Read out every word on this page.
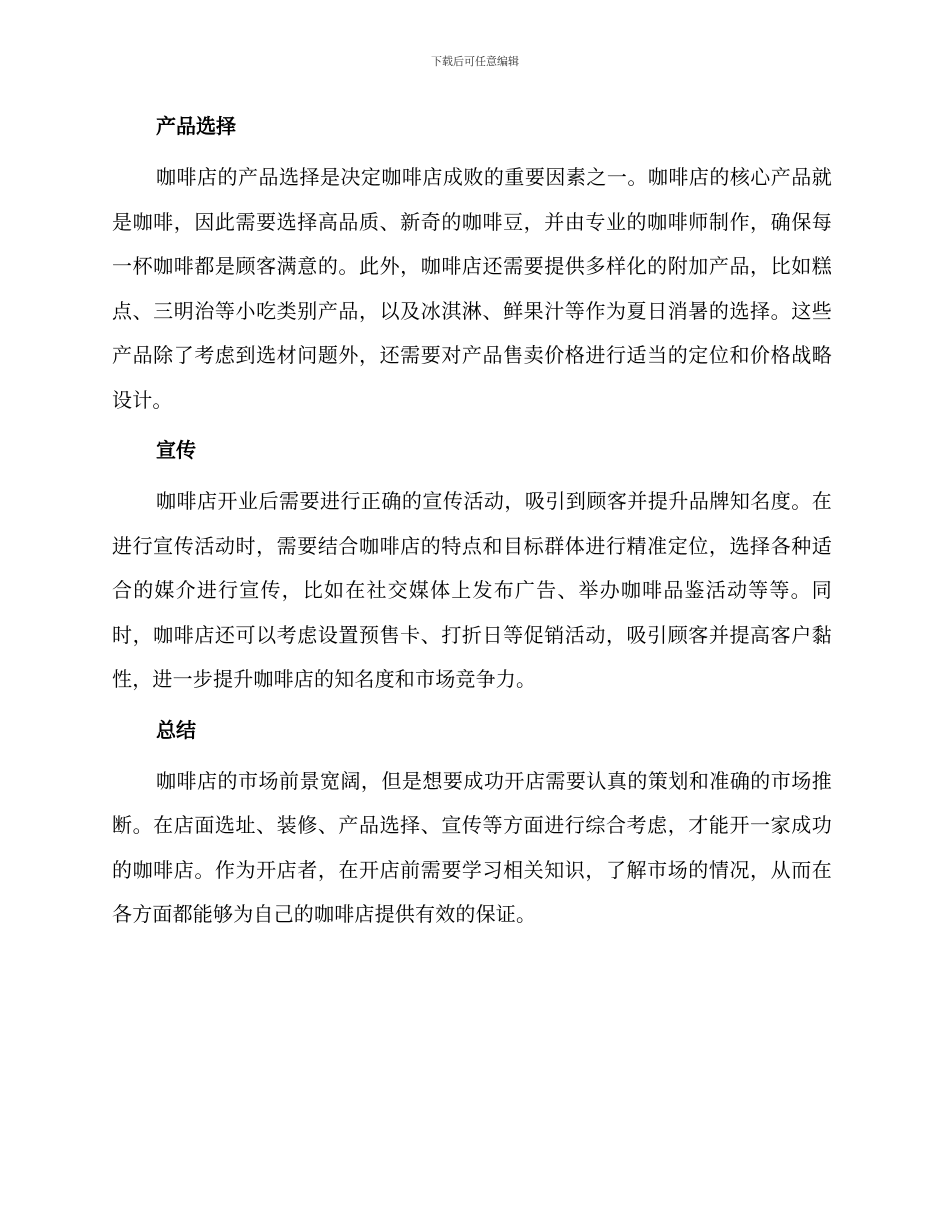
下载后可任意编辑
产品选择

咖啡店的产品选择是决定咖啡店成败的重要因素之一。咖啡店的核心产品就是咖啡，因此需要选择高品质、新奇的咖啡豆，并由专业的咖啡师制作，确保每一杯咖啡都是顾客满意的。此外，咖啡店还需要提供多样化的附加产品，比如糕点、三明治等小吃类别产品，以及冰淇淋、鲜果汁等作为夏日消暑的选择。这些产品除了考虑到选材问题外，还需要对产品售卖价格进行适当的定位和价格战略设计。

宣传

咖啡店开业后需要进行正确的宣传活动，吸引到顾客并提升品牌知名度。在进行宣传活动时，需要结合咖啡店的特点和目标群体进行精准定位，选择各种适合的媒介进行宣传，比如在社交媒体上发布广告、举办咖啡品鉴活动等等。同时，咖啡店还可以考虑设置预售卡、打折日等促销活动，吸引顾客并提高客户黏性，进一步提升咖啡店的知名度和市场竞争力。

总结

咖啡店的市场前景宽阔，但是想要成功开店需要认真的策划和准确的市场推断。在店面选址、装修、产品选择、宣传等方面进行综合考虑，才能开一家成功的咖啡店。作为开店者，在开店前需要学习相关知识，了解市场的情况，从而在各方面都能够为自己的咖啡店提供有效的保证。
